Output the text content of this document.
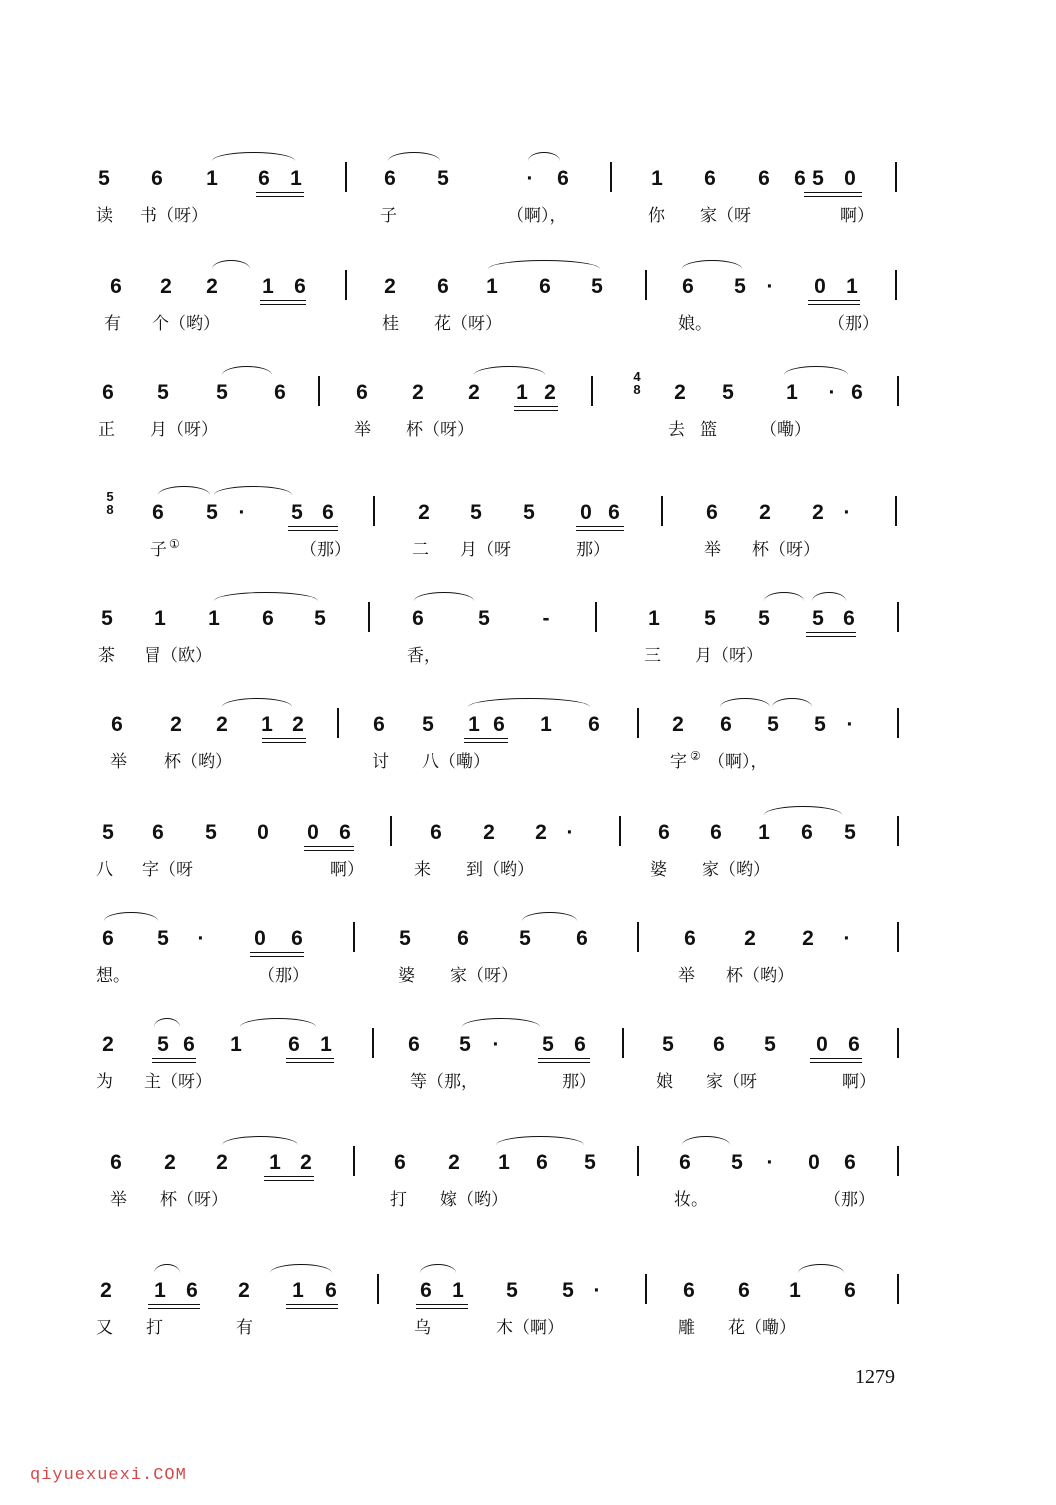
5 6 1 6 1	6 5	·	6	1 6 6 5 0
6
读 书（呀）	子	（啊），	你 家（呀	啊）
6 2 2 1 6	2 6 1 6 5	6 5 ·	0 1
有 个（哟）	桂 花（呀）	娘。	（那）
6 5 5 6	6 2 2 1 2	2 5 1	· 6
正 月（呀）	举 杯（呀）	去 篮	（嘞）
6 5 ·	5 6	2 5 5 0 6	6 2 2 ·
子 ①	（那）	二 月（呀	那）	举 杯（呀）
5 1 1 6 5	6	5	-	1 5 5 5 6
茶 冒（欧）	香，	三 月（呀）
6 2 2 1 2	6 5 1 6 1 6	2 6 5 5 ·
举 杯（哟）	讨 八（嘞）	字 ② （啊），
5 6 5 0 0 6	6 2 2 ·	6 6 1 6 5
八 字（呀	啊）	来 到（哟）	婆 家（哟）
6 5	·	0 6	5 6 5 6	6 2 2	·
想。	（那）	婆 家（呀）	举 杯（哟）
2 5 6 1 6 1	6 5	·	5 6	5 6 5 0 6
为 主（呀）	等（那，	那）	娘 家（呀	啊）
6 2 2 1 2	6 2 1 6 5	6 5	·	0 6
举 杯（呀）	打 嫁（哟）	妆。	（那）
2 1 6 2 1 6	6 1 5 5 ·	6 6 1 6
又 打	有	乌	木（啊）	雕 花（嘞）
4
8
5
8
1279
qiyuexuexi.COM
